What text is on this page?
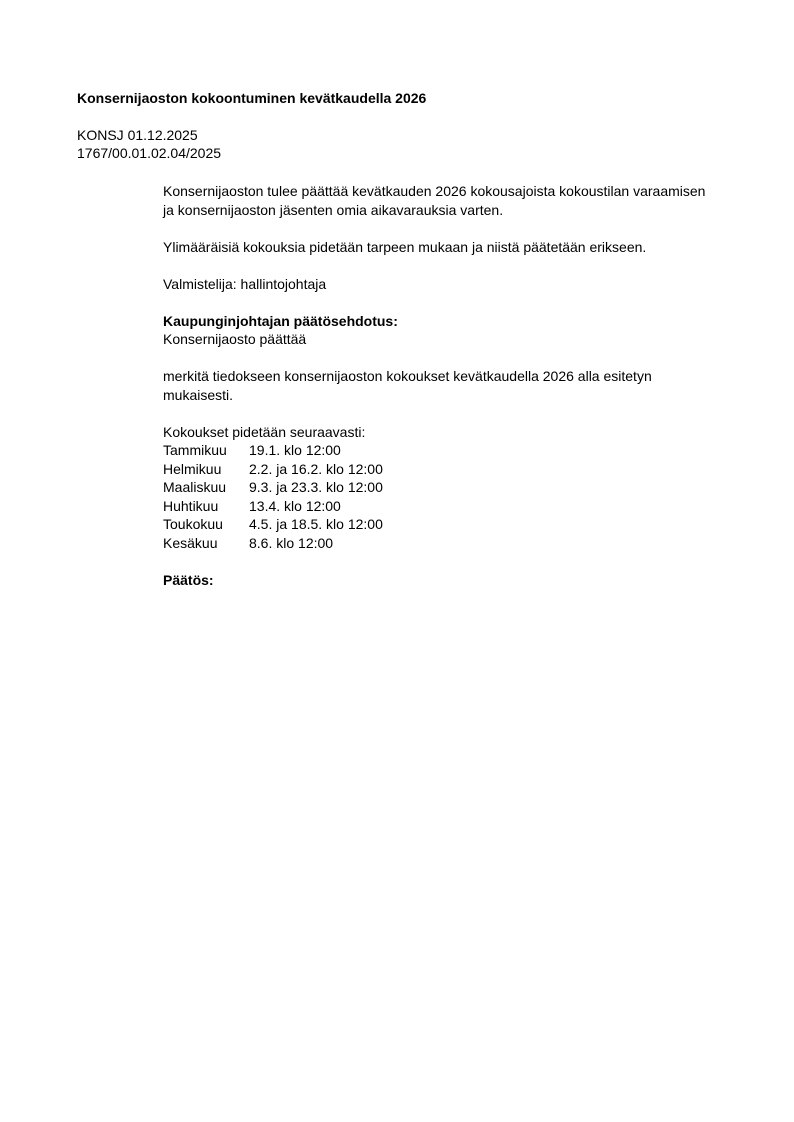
Konsernijaoston kokoontuminen kevätkaudella 2026
KONSJ 01.12.2025
1767/00.01.02.04/2025
Konsernijaoston tulee päättää kevätkauden 2026 kokousajoista kokoustilan varaamisen
ja konsernijaoston jäsenten omia aikavarauksia varten.
Ylimääräisiä kokouksia pidetään tarpeen mukaan ja niistä päätetään erikseen.
Valmistelija: hallintojohtaja
Kaupunginjohtajan päätösehdotus:
Konsernijaosto päättää
merkitä tiedokseen konsernijaoston kokoukset kevätkaudella 2026 alla esitetyn
mukaisesti.
Kokoukset pidetään seuraavasti:
Tammikuu	19.1. klo 12:00
Helmikuu	2.2. ja 16.2. klo 12:00
Maaliskuu	9.3. ja 23.3. klo 12:00
Huhtikuu	13.4. klo 12:00
Toukokuu	4.5. ja 18.5. klo 12:00
Kesäkuu	8.6. klo 12:00
Päätös:
